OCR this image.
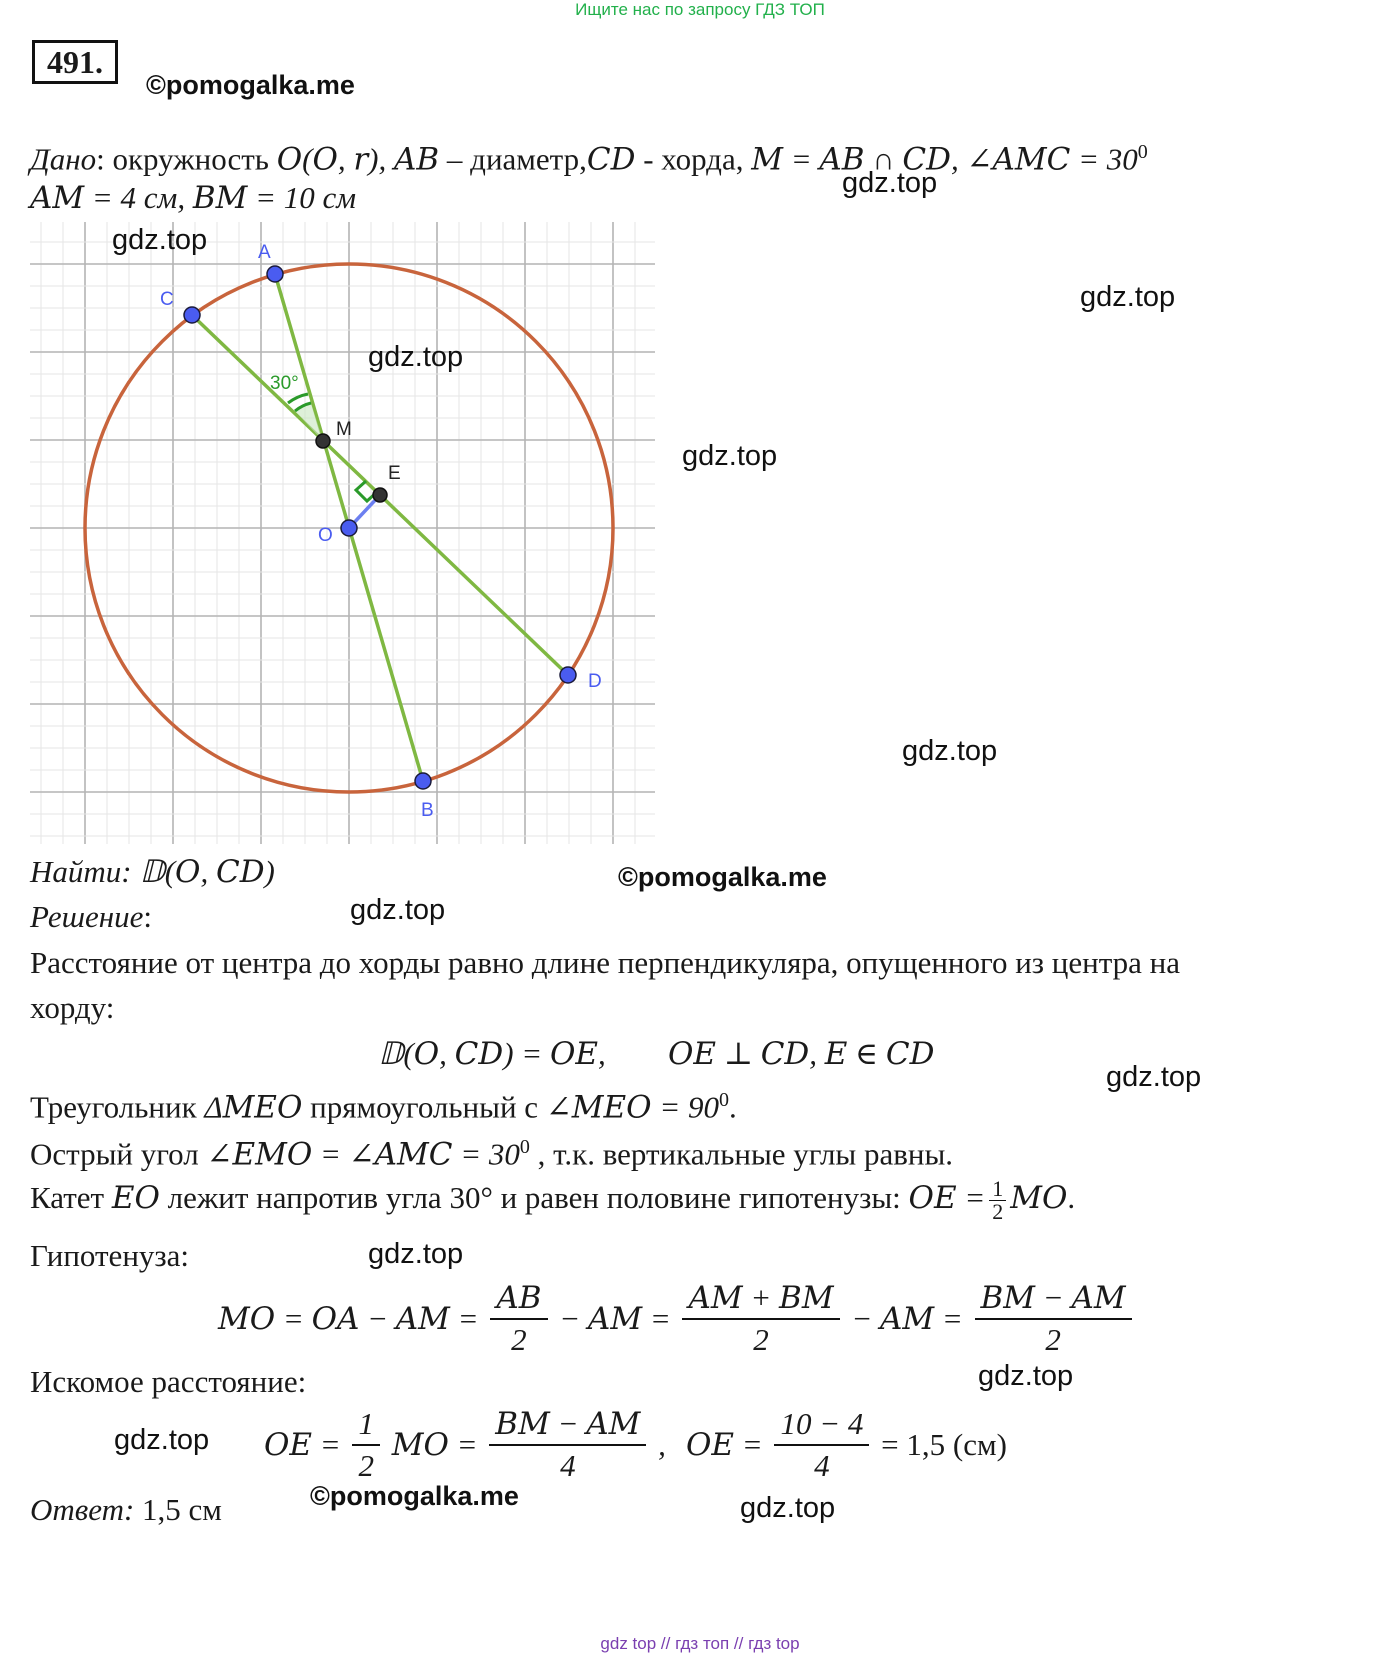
Ищите нас по запросу ГДЗ ТОП
491.
©pomogalka.me
Дано: окружность 𝑂(𝑂, 𝑟), 𝐴𝐵 – диаметр,𝐶𝐷 - хорда, 𝑀 = 𝐴𝐵 ∩ 𝐶𝐷, ∠𝐴𝑀𝐶 = $30^0$
𝐴𝑀 = 4 см, 𝐵𝑀 = 10 см
A
C
M
E
O
D
B
30°
Найти: 𝔻(𝑂, 𝐶𝐷)
Решение:
Расстояние от центра до хорды равно длине перпендикуляра, опущенного из центра на
хорду:
𝔻(𝑂, 𝐶𝐷) = 𝑂𝐸, 𝑂𝐸 ⊥ 𝐶𝐷, 𝐸 ∈ 𝐶𝐷
Треугольник Δ𝑀𝐸𝑂 прямоугольный с ∠𝑀𝐸𝑂 = $90^0$.
Острый угол ∠𝐸𝑀𝑂 = ∠𝐴𝑀𝐶 = $30^0$ , т.к. вертикальные углы равны.
Катет 𝐸𝑂 лежит напротив угла 30° и равен половине гипотенузы: 𝑂𝐸 = $\frac{1}{2}$ 𝑀𝑂.
Гипотенуза:
𝑀𝑂 = 𝑂𝐴 − 𝐴𝑀 = $\frac{\text{𝐴𝐵}}{2}$ − 𝐴𝑀 = $\frac{\text{𝐴𝑀 + 𝐵𝑀}}{2}$ − 𝐴𝑀 = $\frac{\text{𝐵𝑀 − 𝐴𝑀}}{2}$
Искомое расстояние:
𝑂𝐸 = $\frac{1}{2}$ 𝑀𝑂 = $\frac{\text{𝐵𝑀 − 𝐴𝑀}}{4}$ , 𝑂𝐸 = $\frac{10 - 4}{4} = 1,5$ (см)
Ответ: 1,5 см
gdz.top
gdz.top
gdz.top
gdz.top
gdz.top
gdz.top
©pomogalka.me
gdz.top
gdz.top
gdz.top
gdz.top
gdz.top
©pomogalka.me	gdz.top
gdz top // гдз топ // гдз top
